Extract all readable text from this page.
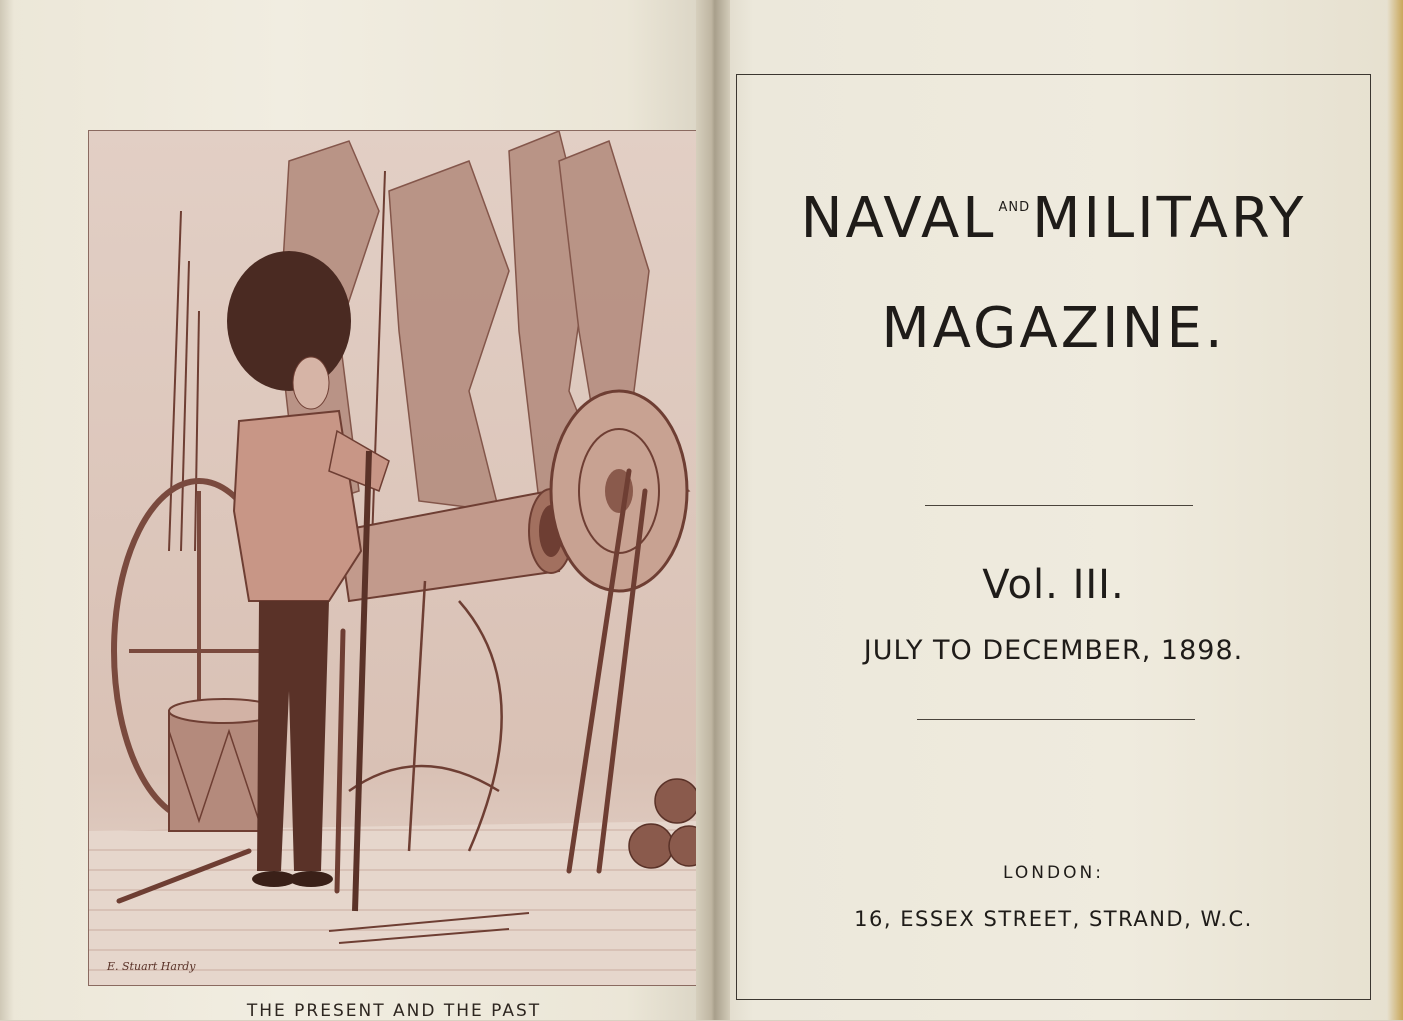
E. Stuart Hardy
THE PRESENT AND THE PAST
NAVAL $^{AND}$MILITARY
MAGAZINE.
Vol. III.
JULY TO DECEMBER, 1898.
LONDON:
16, ESSEX STREET, STRAND, W.C.
